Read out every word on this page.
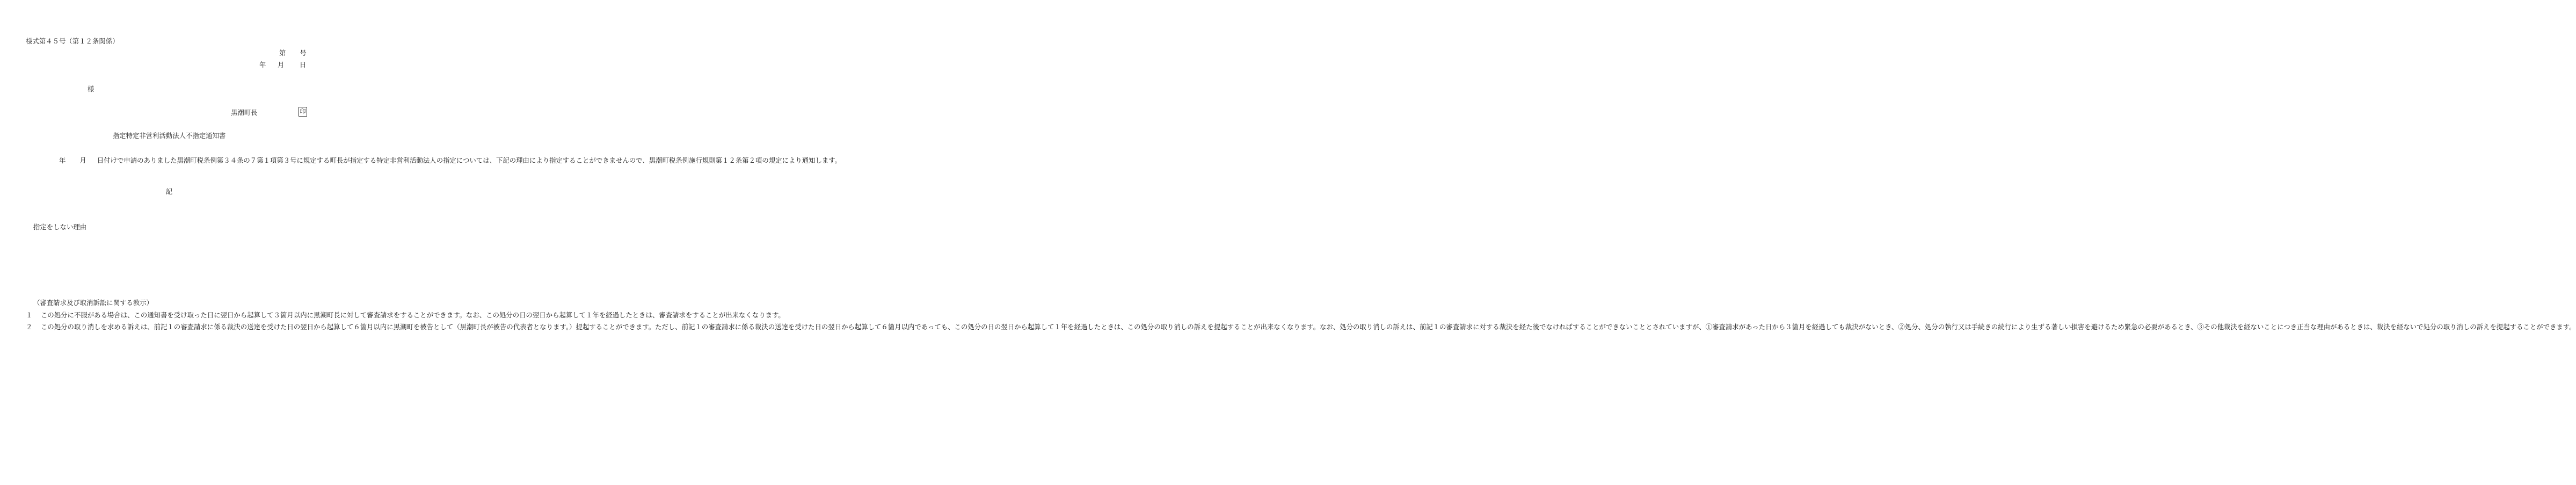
様式第４５号（第１２条関係）
第 号
年 月 日
様
黒潮町長	印
指定特定非営利活動法人不指定通知書

年 月 日付けで申請のありました黒潮町税条例第３４条の７第１項第３号に規定する町長が指定する特定非営利活動法人の指定については、下記の理由により指定することができませんので、黒潮町税条例施行規則第１２条第２項の規定により通知します。

記
指定をしない理由

（審査請求及び取消訴訟に関する教示）

１	この処分に不服がある場合は、この通知書を受け取った日に翌日から起算して３箇月以内に黒潮町長に対して審査請求をすることができます。なお、この処分の日の翌日から起算して１年を経過したときは、審査請求をすることが出来なくなります。

２	この処分の取り消しを求める訴えは、前記１の審査請求に係る裁決の送達を受けた日の翌日から起算して６箇月以内に黒潮町を被告として（黒潮町長が被告の代表者となります。）提起することができます。ただし、前記１の審査請求に係る裁決の送達を受けた日の翌日から起算して６箇月以内であっても、この処分の日の翌日から起算して１年を経過したときは、この処分の取り消しの訴えを提起することが出来なくなります。なお、処分の取り消しの訴えは、前記１の審査請求に対する裁決を経た後でなければすることができないこととされていますが、①審査請求があった日から３箇月を経過しても裁決がないとき、②処分、処分の執行又は手続きの続行により生ずる著しい損害を避けるため緊急の必要があるとき、③その他裁決を経ないことにつき正当な理由があるときは、裁決を経ないで処分の取り消しの訴えを提起することができます。
